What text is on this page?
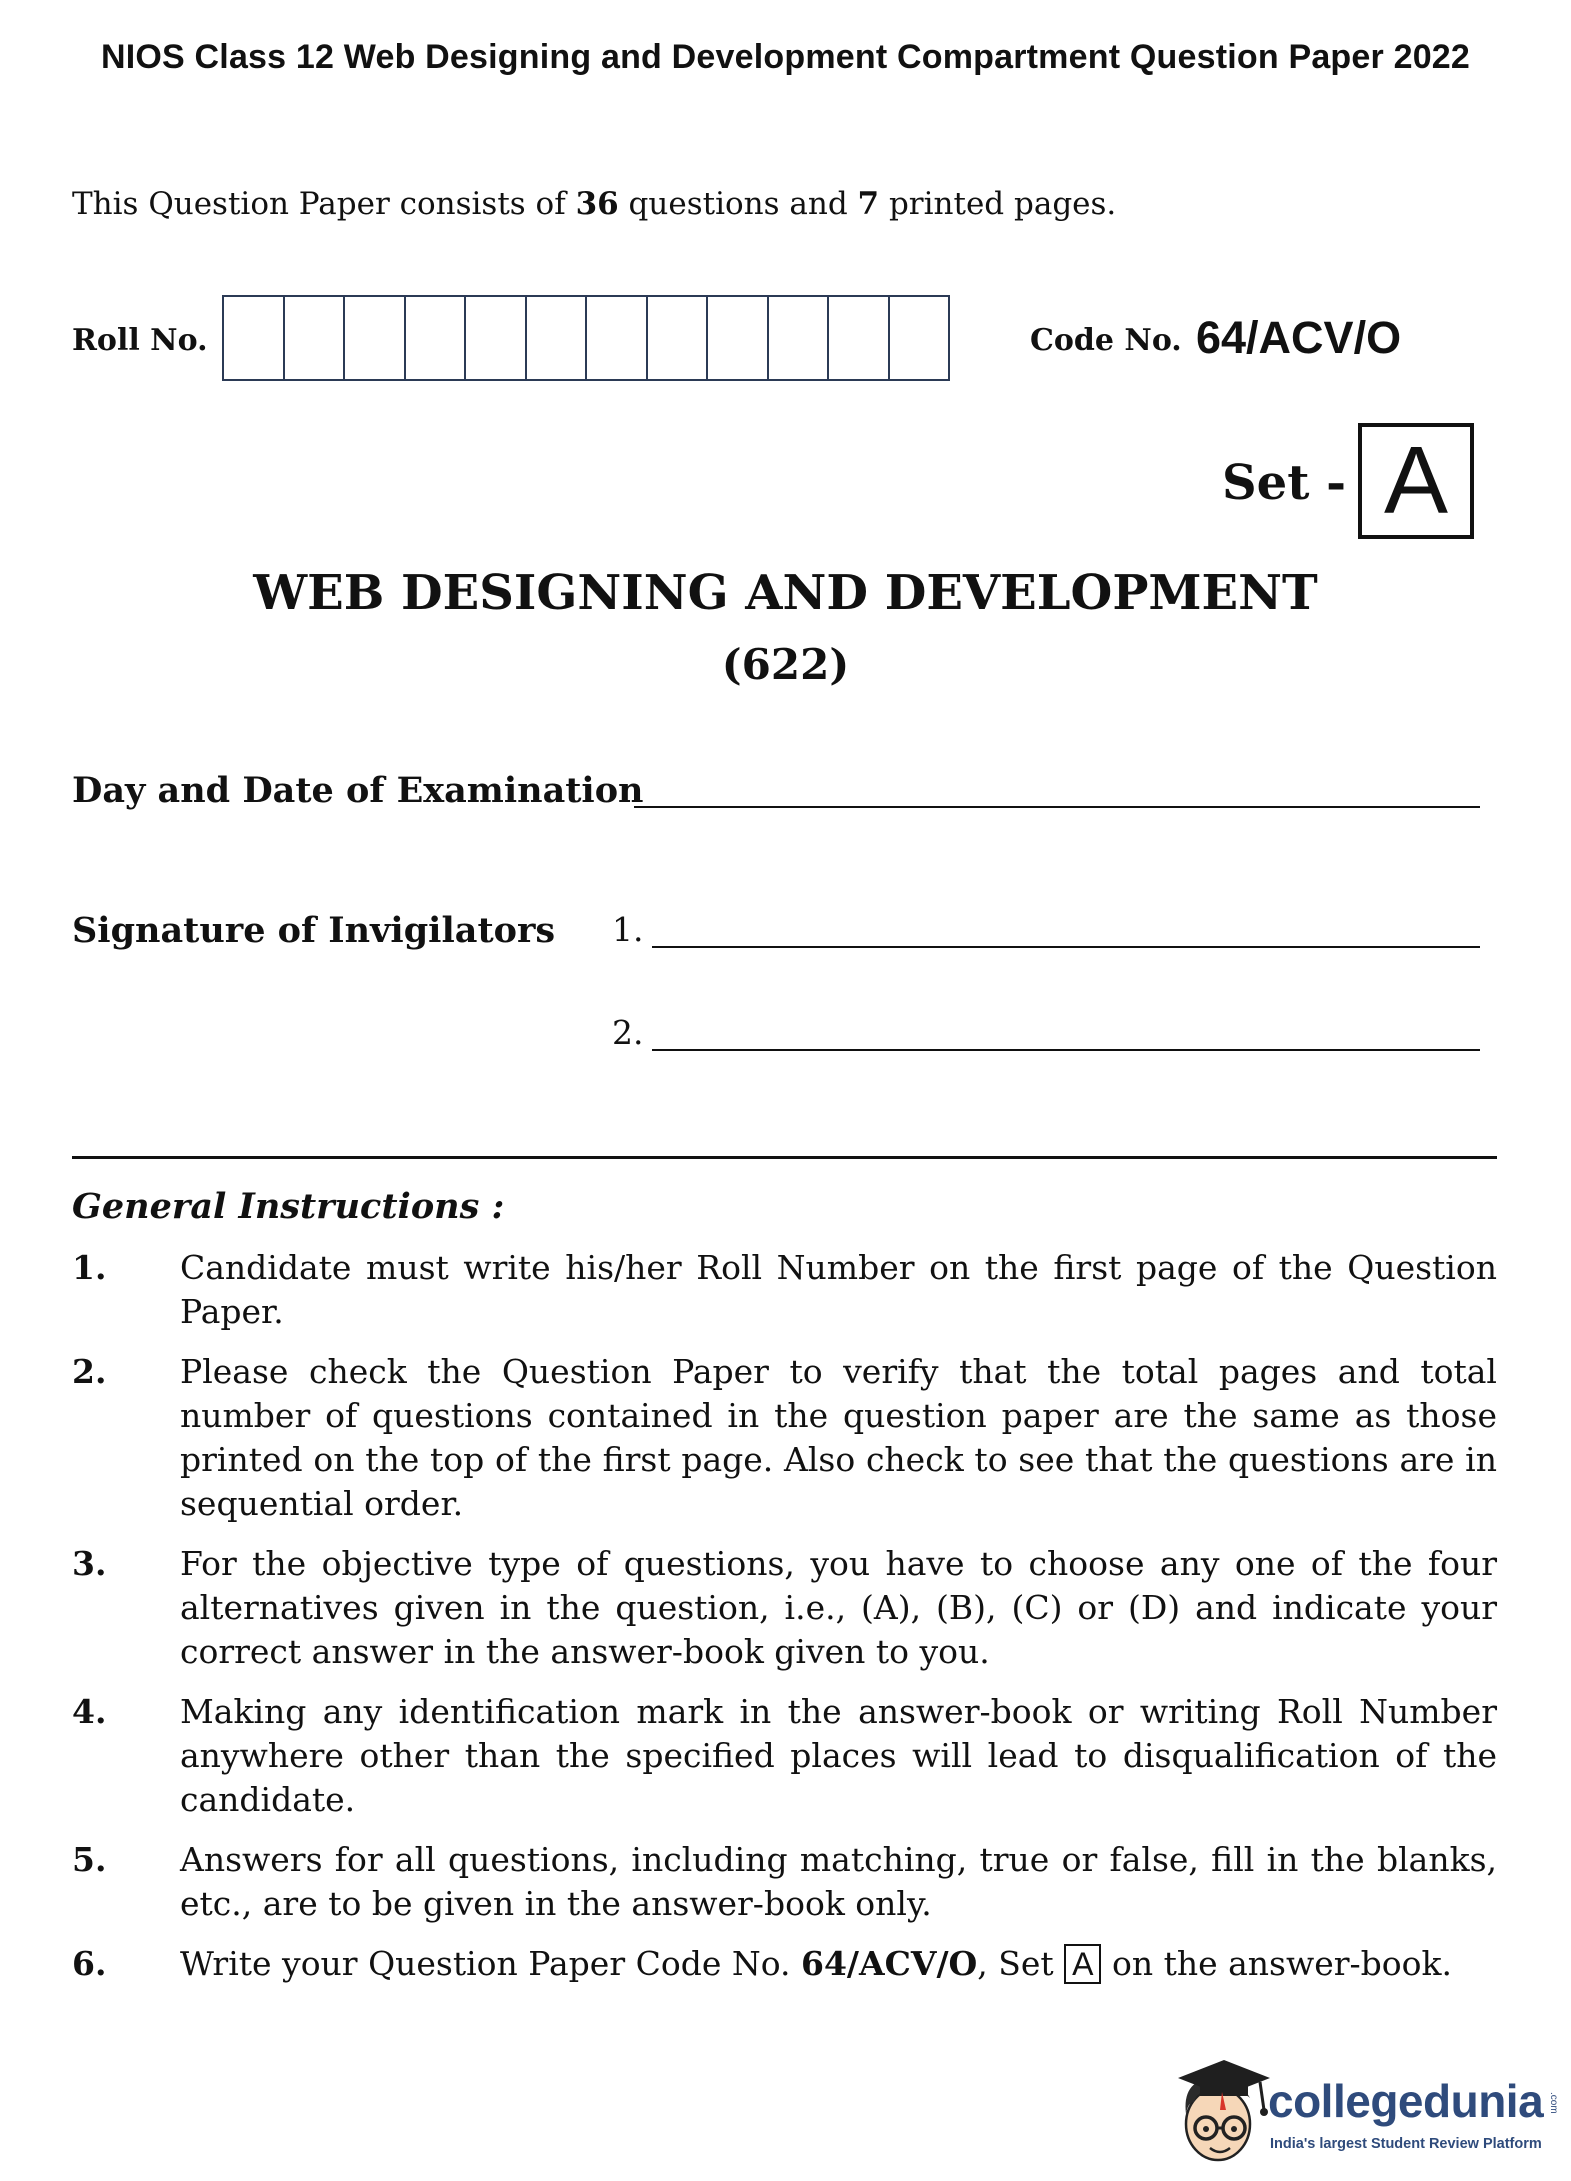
NIOS Class 12 Web Designing and Development Compartment Question Paper 2022
This Question Paper consists of 36 questions and 7 printed pages.
Roll No.	Code No. 64/ACV/O
Set - A
WEB DESIGNING AND DEVELOPMENT
(622)
Day and Date of Examination
Signature of Invigilators 1.
2.
General Instructions :
1.	Candidate must write his/her Roll Number on the first page of the Question Paper.
2.	Please check the Question Paper to verify that the total pages and total number of questions contained in the question paper are the same as those printed on the top of the first page. Also check to see that the questions are in sequential order.
3.	For the objective type of questions, you have to choose any one of the four alternatives given in the question, i.e., (A), (B), (C) or (D) and indicate your correct answer in the answer-book given to you.
4.	Making any identification mark in the answer-book or writing Roll Number anywhere other than the specified places will lead to disqualification of the candidate.
5.	Answers for all questions, including matching, true or false, fill in the blanks, etc., are to be given in the answer-book only.
6.	Write your Question Paper Code No. 64/ACV/O, Set A on the answer-book.
collegedunia .com
India's largest Student Review Platform
